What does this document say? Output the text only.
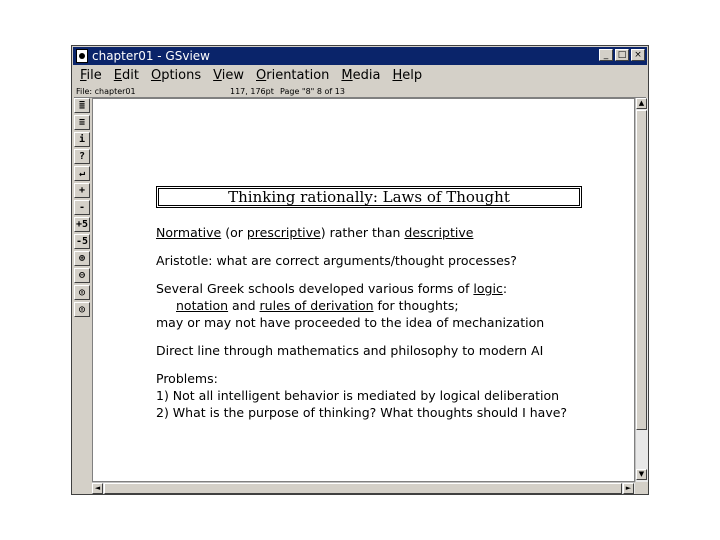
chapter01 - GSview	_	□ ×
File Edit Options View Orientation Media Help
File: chapter01	117, 176pt Page "8" 8 of 13
≣
≡
i
?
↵
+
-
+5
-5
⊕
⊖
◎
◎
Thinking rationally: Laws of Thought
Normative (or prescriptive) rather than descriptive
Aristotle: what are correct arguments/thought processes?
Several Greek schools developed various forms of logic:
notation and rules of derivation for thoughts;
may or may not have proceeded to the idea of mechanization
Direct line through mathematics and philosophy to modern AI
Problems:
1) Not all intelligent behavior is mediated by logical deliberation
2) What is the purpose of thinking? What thoughts should I have?
▲
▼
◄	►
